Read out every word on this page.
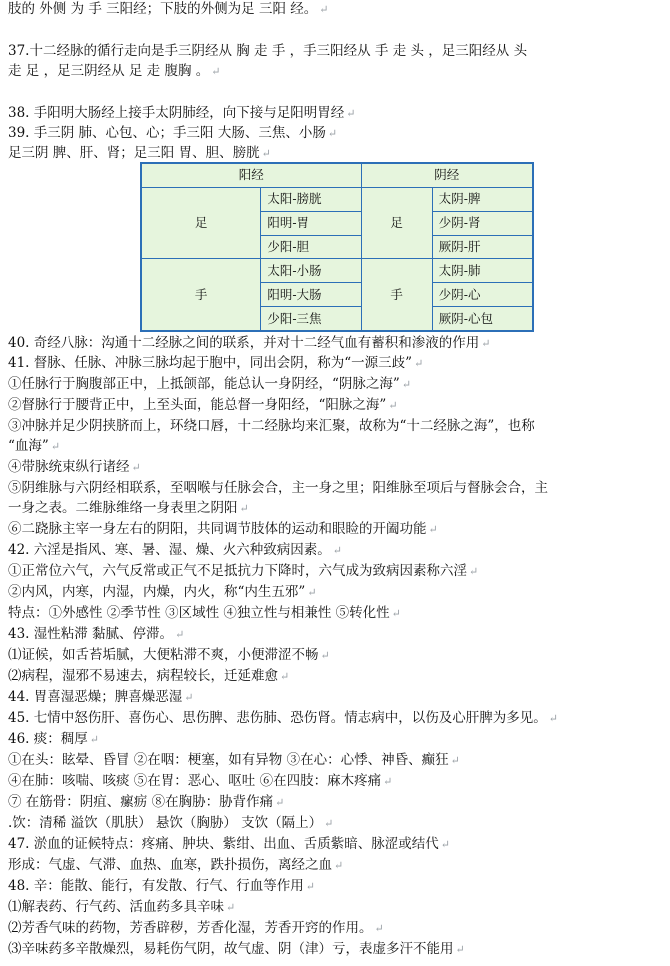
肢的 外侧 为 手 三阳经；下肢的外侧为足 三阳 经。 ↵
37.十二经脉的循行走向是手三阴经从 胸 走 手 ，手三阳经从 手 走 头 ，足三阳经从 头
走 足 ，足三阴经从 足 走 腹胸 。 ↵
38. 手阳明大肠经上接手太阴肺经，向下接与足阳明胃经 ↵
39. 手三阴 肺、心包、心；手三阳 大肠、三焦、小肠 ↵
足三阴 脾、肝、肾；足三阳 胃、胆、膀胱 ↵
阳经		阴经	
足	太阳-膀胱	足	太阴-脾
	阳明-胃		少阴-肾
	少阳-胆		厥阴-肝
手	太阳-小肠	手	太阴-肺
	阳明-大肠		少阴-心
	少阳-三焦		厥阴-心包
40. 奇经八脉：沟通十二经脉之间的联系，并对十二经气血有蓄积和渗液的作用 ↵
41. 督脉、任脉、冲脉三脉均起于胞中，同出会阴，称为“一源三歧” ↵
①任脉行于胸腹部正中，上抵颌部，能总认一身阴经，“阴脉之海” ↵
②督脉行于腰背正中，上至头面，能总督一身阳经，“阳脉之海” ↵
③冲脉并足少阴挟脐而上，环绕口唇，十二经脉均来汇聚，故称为“十二经脉之海”，也称
“血海” ↵
④带脉统束纵行诸经 ↵
⑤阴维脉与六阴经相联系，至咽喉与任脉会合，主一身之里；阳维脉至项后与督脉会合，主
一身之表。二维脉维络一身表里之阴阳 ↵
⑥二跷脉主宰一身左右的阴阳，共同调节肢体的运动和眼睑的开阖功能 ↵
42. 六淫是指风、寒、暑、湿、燥、火六种致病因素。 ↵
①正常位六气，六气反常或正气不足抵抗力下降时，六气成为致病因素称六淫 ↵
②内风，内寒，内湿，内燥，内火，称“内生五邪” ↵
特点：①外感性 ②季节性 ③区域性 ④独立性与相兼性 ⑤转化性 ↵
43. 湿性粘滞 黏腻、停滞。 ↵
⑴证候，如舌苔垢腻，大便粘滞不爽，小便滞涩不畅 ↵
⑵病程，湿邪不易速去，病程较长，迁延难愈 ↵
44. 胃喜湿恶燥；脾喜燥恶湿 ↵
45. 七情中怒伤肝、喜伤心、思伤脾、悲伤肺、恐伤肾。情志病中，以伤及心肝脾为多见。 ↵
46. 痰：稠厚 ↵
①在头：眩晕、昏冒 ②在咽：梗塞，如有异物 ③在心：心悸、神昏、癫狂 ↵
④在肺：咳喘、咳痰 ⑤在胃：恶心、呕吐 ⑥在四肢：麻木疼痛 ↵
⑦ 在筋骨：阴疽、瘰疬 ⑧在胸胁：胁背作痛 ↵
.饮：清稀 溢饮（肌肤） 悬饮（胸胁） 支饮（隔上） ↵
47. 淤血的证候特点：疼痛、肿块、紫绀、出血、舌质紫暗、脉涩或结代 ↵
形成：气虚、气滞、血热、血寒，跌扑损伤，离经之血 ↵
48. 辛：能散、能行，有发散、行气、行血等作用 ↵
⑴解表药、行气药、活血药多具辛味 ↵
⑵芳香气味的药物，芳香辟秽，芳香化湿，芳香开窍的作用。 ↵
⑶辛味药多辛散燥烈，易耗伤气阴，故气虚、阴（津）亏，表虚多汗不能用 ↵
